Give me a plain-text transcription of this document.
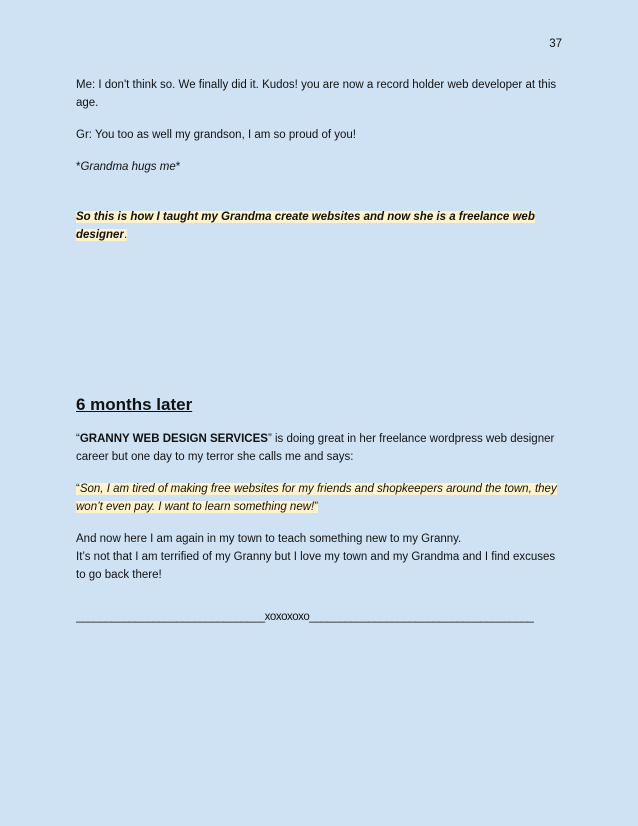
37

Me: I don't think so. We finally did it. Kudos! you are now a record holder web developer at this age.

Gr: You too as well my grandson, I am so proud of you!

*Grandma hugs me*

So this is how I taught my Grandma create websites and now she is a freelance web designer.

6 months later

“GRANNY WEB DESIGN SERVICES” is doing great in her freelance wordpress web designer career but one day to my terror she calls me and says:

“Son, I am tired of making free websites for my friends and shopkeepers around the town, they won’t even pay. I want to learn something new!”

And now here I am again in my town to teach something new to my Granny.

It’s not that I am terrified of my Granny but I love my town and my Grandma and I find excuses to go back there!

________________________________xoxoxoxo______________________________________
